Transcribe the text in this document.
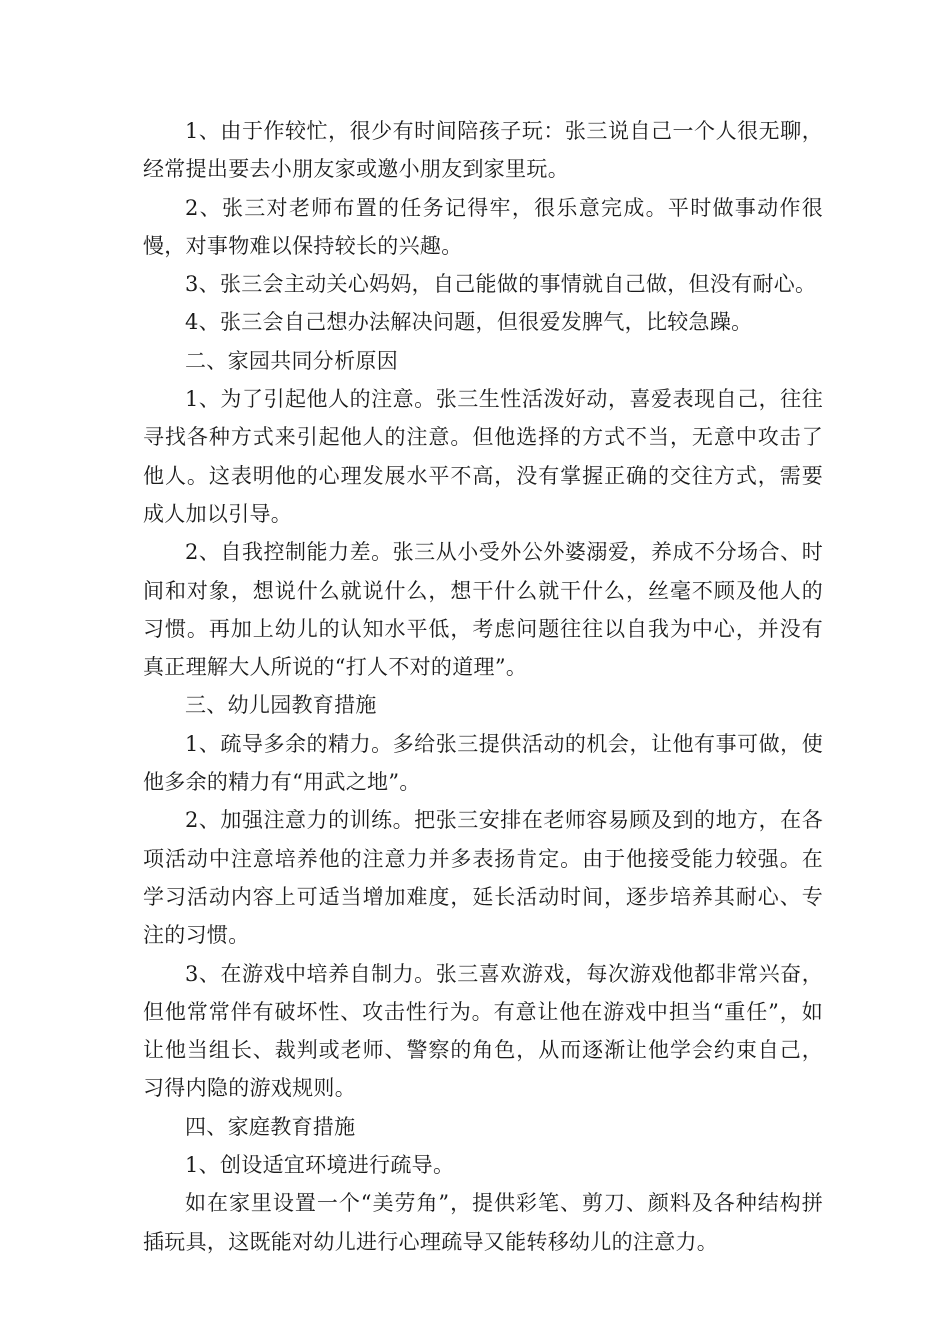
1、由于作较忙，很少有时间陪孩子玩：张三说自己一个人很无聊，经常提出要去小朋友家或邀小朋友到家里玩。

2、张三对老师布置的任务记得牢，很乐意完成。平时做事动作很慢，对事物难以保持较长的兴趣。

3、张三会主动关心妈妈，自己能做的事情就自己做，但没有耐心。

4、张三会自己想办法解决问题，但很爱发脾气，比较急躁。

二、家园共同分析原因

1、为了引起他人的注意。张三生性活泼好动，喜爱表现自己，往往寻找各种方式来引起他人的注意。但他选择的方式不当，无意中攻击了他人。这表明他的心理发展水平不高，没有掌握正确的交往方式，需要成人加以引导。

2、自我控制能力差。张三从小受外公外婆溺爱，养成不分场合、时间和对象，想说什么就说什么，想干什么就干什么，丝毫不顾及他人的习惯。再加上幼儿的认知水平低，考虑问题往往以自我为中心，并没有真正理解大人所说的“打人不对的道理”。

三、幼儿园教育措施

1、疏导多余的精力。多给张三提供活动的机会，让他有事可做，使他多余的精力有“用武之地”。

2、加强注意力的训练。把张三安排在老师容易顾及到的地方，在各项活动中注意培养他的注意力并多表扬肯定。由于他接受能力较强。在学习活动内容上可适当增加难度，延长活动时间，逐步培养其耐心、专注的习惯。

3、在游戏中培养自制力。张三喜欢游戏，每次游戏他都非常兴奋，但他常常伴有破坏性、攻击性行为。有意让他在游戏中担当“重任”，如让他当组长、裁判或老师、警察的角色，从而逐渐让他学会约束自己，习得内隐的游戏规则。

四、家庭教育措施

1、创设适宜环境进行疏导。

如在家里设置一个“美劳角”，提供彩笔、剪刀、颜料及各种结构拼插玩具，这既能对幼儿进行心理疏导又能转移幼儿的注意力。
